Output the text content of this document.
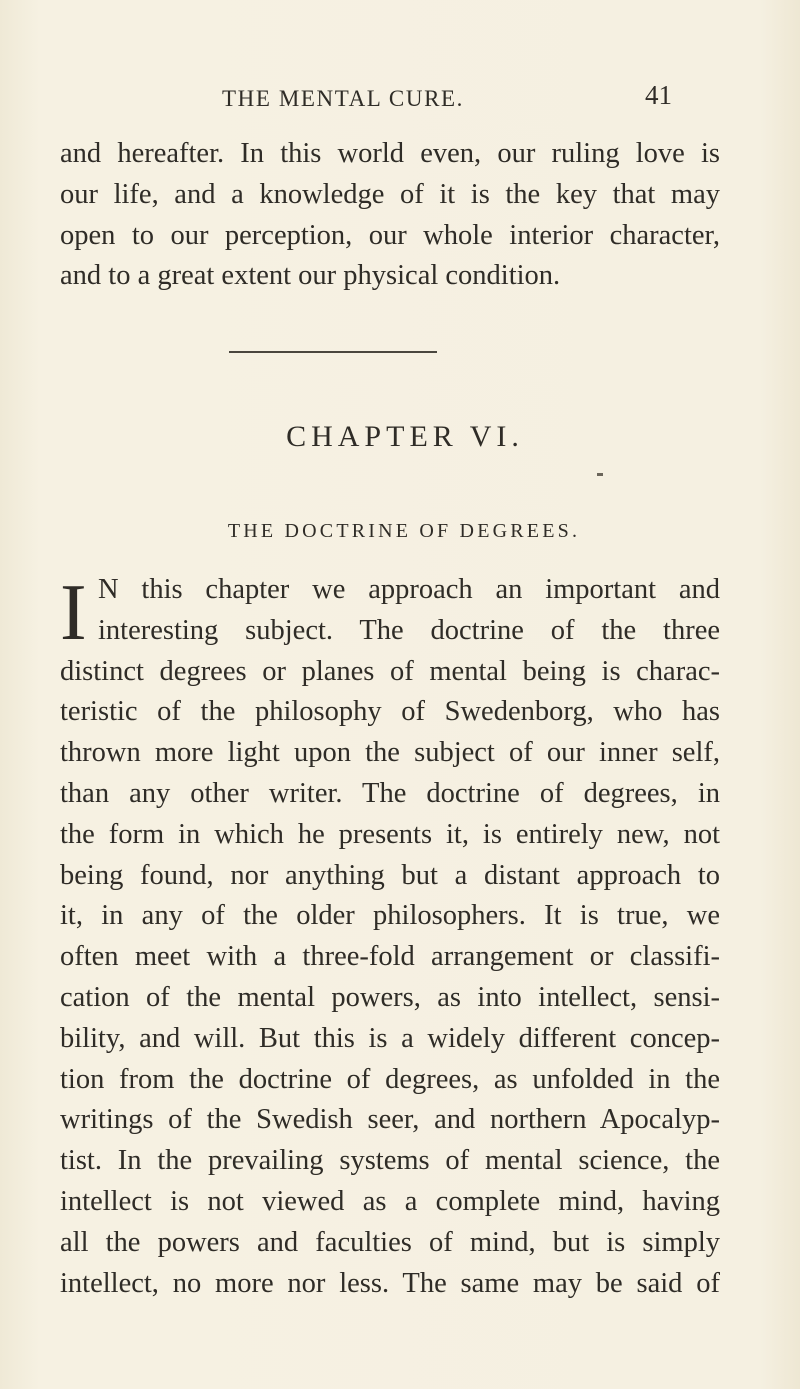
THE MENTAL CURE.	41
and hereafter. In this world even, our ruling love is
our life, and a knowledge of it is the key that may
open to our perception, our whole interior character,
and to a great extent our physical condition.
CHAPTER VI.
THE DOCTRINE OF DEGREES.
I N this chapter we approach an important and
interesting subject. The doctrine of the three
distinct degrees or planes of mental being is charac-
teristic of the philosophy of Swedenborg, who has
thrown more light upon the subject of our inner self,
than any other writer. The doctrine of degrees, in
the form in which he presents it, is entirely new, not
being found, nor anything but a distant approach to
it, in any of the older philosophers. It is true, we
often meet with a three-fold arrangement or classifi-
cation of the mental powers, as into intellect, sensi-
bility, and will. But this is a widely different concep-
tion from the doctrine of degrees, as unfolded in the
writings of the Swedish seer, and northern Apocalyp-
tist. In the prevailing systems of mental science, the
intellect is not viewed as a complete mind, having
all the powers and faculties of mind, but is simply
intellect, no more nor less. The same may be said of
